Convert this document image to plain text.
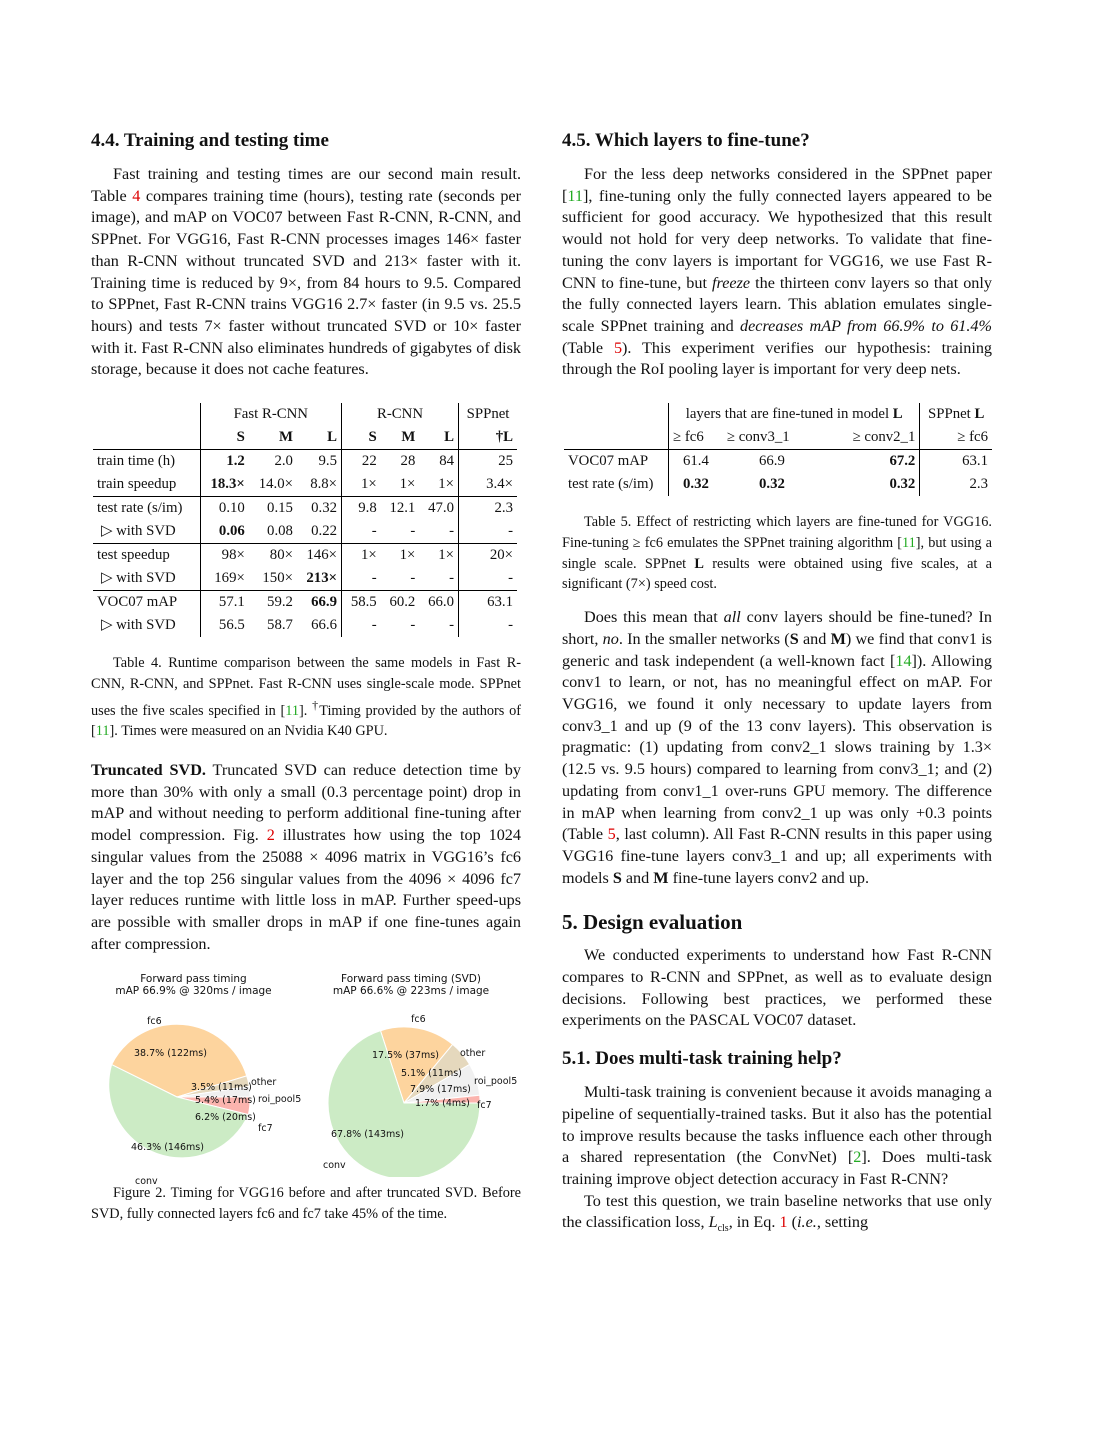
4.4. Training and testing time

Fast training and testing times are our second main result. Table 4 compares training time (hours), testing rate (seconds per image), and mAP on VOC07 between Fast R-CNN, R-CNN, and SPPnet. For VGG16, Fast R-CNN processes images 146× faster than R-CNN without truncated SVD and 213× faster with it. Training time is reduced by 9×, from 84 hours to 9.5. Compared to SPPnet, Fast R-CNN trains VGG16 2.7× faster (in 9.5 vs. 25.5 hours) and tests 7× faster without truncated SVD or 10× faster with it. Fast R-CNN also eliminates hundreds of gigabytes of disk storage, because it does not cache features.

	Fast R-CNN			R-CNN			SPPnet
	S	M	L	S	M	L	†L
train time (h)	1.2	2.0	9.5	22	28	84	25
train speedup	18.3×	14.0×	8.8×	1×	1×	1×	3.4×
test rate (s/im)	0.10	0.15	0.32	9.8	12.1	47.0	2.3
▷ with SVD	0.06	0.08	0.22	-	-	-	-
test speedup	98×	80×	146×	1×	1×	1×	20×
▷ with SVD	169×	150×	213×	-	-	-	-
VOC07 mAP	57.1	59.2	66.9	58.5	60.2	66.0	63.1
▷ with SVD	56.5	58.7	66.6	-	-	-	-

Table 4. Runtime comparison between the same models in Fast R-CNN, R-CNN, and SPPnet. Fast R-CNN uses single-scale mode. SPPnet uses the five scales specified in [11]. †Timing provided by the authors of [11]. Times were measured on an Nvidia K40 GPU.

Truncated SVD. Truncated SVD can reduce detection time by more than 30% with only a small (0.3 percentage point) drop in mAP and without needing to perform additional fine-tuning after model compression. Fig. 2 illustrates how using the top 1024 singular values from the 25088 × 4096 matrix in VGG16’s fc6 layer and the top 256 singular values from the 4096 × 4096 fc7 layer reduces runtime with little loss in mAP. Further speed-ups are possible with smaller drops in mAP if one fine-tunes again after compression.

Forward pass timing
mAP 66.9% @ 320ms / image
fc6
other
roi_pool5
fc7
conv
38.7% (122ms)
3.5% (11ms)
5.4% (17ms)
6.2% (20ms)
46.3% (146ms)
Forward pass timing (SVD)
mAP 66.6% @ 223ms / image
fc6
other
roi_pool5
fc7
conv
17.5% (37ms)
5.1% (11ms)
7.9% (17ms)
1.7% (4ms)
67.8% (143ms)

Figure 2. Timing for VGG16 before and after truncated SVD. Before SVD, fully connected layers fc6 and fc7 take 45% of the time.

4.5. Which layers to fine-tune?

For the less deep networks considered in the SPPnet paper [11], fine-tuning only the fully connected layers appeared to be sufficient for good accuracy. We hypothesized that this result would not hold for very deep networks. To validate that fine-tuning the conv layers is important for VGG16, we use Fast R-CNN to fine-tune, but freeze the thirteen conv layers so that only the fully connected layers learn. This ablation emulates single-scale SPPnet training and decreases mAP from 66.9% to 61.4% (Table 5). This experiment verifies our hypothesis: training through the RoI pooling layer is important for very deep nets.

	layers that are fine-tuned in model L			SPPnet L
	≥ fc6	≥ conv3_1	≥ conv2_1	≥ fc6
VOC07 mAP	61.4	66.9	67.2	63.1
test rate (s/im)	0.32	0.32	0.32	2.3

Table 5. Effect of restricting which layers are fine-tuned for VGG16. Fine-tuning ≥ fc6 emulates the SPPnet training algorithm [11], but using a single scale. SPPnet L results were obtained using five scales, at a significant (7×) speed cost.

Does this mean that all conv layers should be fine-tuned? In short, no. In the smaller networks (S and M) we find that conv1 is generic and task independent (a well-known fact [14]). Allowing conv1 to learn, or not, has no meaningful effect on mAP. For VGG16, we found it only necessary to update layers from conv3_1 and up (9 of the 13 conv layers). This observation is pragmatic: (1) updating from conv2_1 slows training by 1.3× (12.5 vs. 9.5 hours) compared to learning from conv3_1; and (2) updating from conv1_1 over-runs GPU memory. The difference in mAP when learning from conv2_1 up was only +0.3 points (Table 5, last column). All Fast R-CNN results in this paper using VGG16 fine-tune layers conv3_1 and up; all experiments with models S and M fine-tune layers conv2 and up.

5. Design evaluation

We conducted experiments to understand how Fast R-CNN compares to R-CNN and SPPnet, as well as to evaluate design decisions. Following best practices, we performed these experiments on the PASCAL VOC07 dataset.

5.1. Does multi-task training help?

Multi-task training is convenient because it avoids managing a pipeline of sequentially-trained tasks. But it also has the potential to improve results because the tasks influence each other through a shared representation (the ConvNet) [2]. Does multi-task training improve object detection accuracy in Fast R-CNN?

To test this question, we train baseline networks that use only the classification loss, $L_{cls}$, in Eq. 1 (i.e., setting
